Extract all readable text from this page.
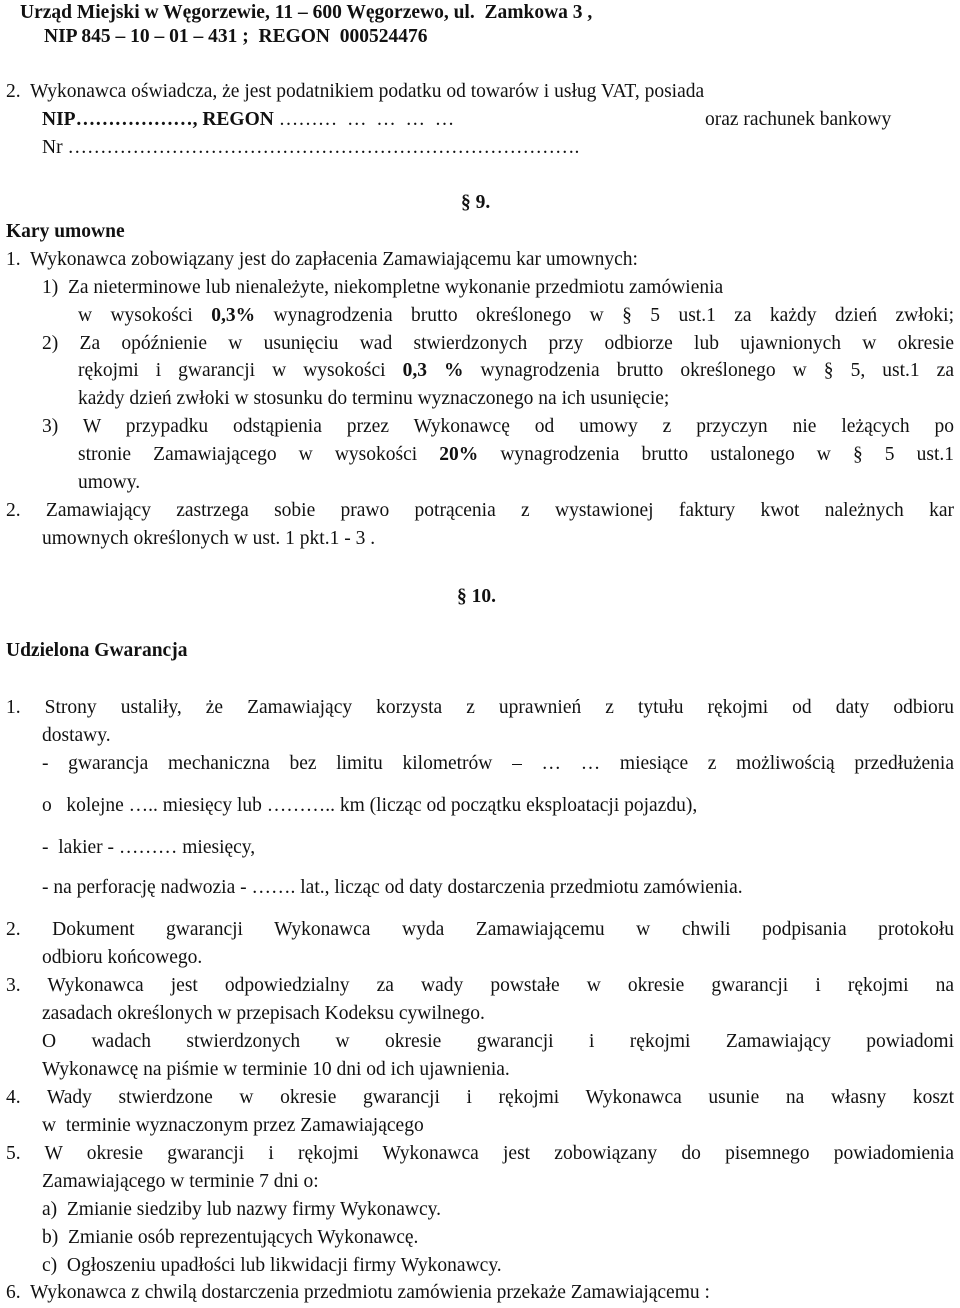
Urząd Miejski w Węgorzewie, 11 – 600 Węgorzewo, ul.  Zamkowa 3 ,
NIP 845 – 10 – 01 – 431 ;  REGON  000524476
2.  Wykonawca oświadcza, że jest podatnikiem podatku od towarów i usług VAT, posiada
NIP………………, REGON ………  …  …  …  …	oraz rachunek bankowy
Nr …………………………………………………………………….
§ 9.
Kary umowne
1.  Wykonawca zobowiązany jest do zapłacenia Zamawiającemu kar umownych:
1)  Za nieterminowe lub nienależyte, niekompletne wykonanie przedmiotu zamówienia
w wysokości 0,3% wynagrodzenia brutto określonego w § 5 ust.1 za każdy dzień zwłoki;
2) Za opóźnienie w usunięciu wad stwierdzonych przy odbiorze lub ujawnionych w okresie
rękojmi i gwarancji w wysokości 0,3 % wynagrodzenia brutto określonego w § 5, ust.1 za
każdy dzień zwłoki w stosunku do terminu wyznaczonego na ich usunięcie;
3) W przypadku odstąpienia przez Wykonawcę od umowy z przyczyn nie leżących po
stronie Zamawiającego w wysokości 20% wynagrodzenia brutto ustalonego w § 5 ust.1
umowy.
2. Zamawiający zastrzega sobie prawo potrącenia z wystawionej faktury kwot należnych kar
umownych określonych w ust. 1 pkt.1 - 3 .
§ 10.
Udzielona Gwarancja
1. Strony ustaliły, że Zamawiający korzysta z uprawnień z tytułu rękojmi od daty odbioru
dostawy.
- gwarancja mechaniczna bez limitu kilometrów – … … miesiące z możliwością przedłużenia
o   kolejne ….. miesięcy lub ……….. km (licząc od początku eksploatacji pojazdu),
-  lakier - ……… miesięcy,
- na perforację nadwozia - ……. lat., licząc od daty dostarczenia przedmiotu zamówienia.
2. Dokument gwarancji Wykonawca wyda Zamawiającemu w chwili podpisania protokołu
odbioru końcowego.
3. Wykonawca jest odpowiedzialny za wady powstałe w okresie gwarancji i rękojmi na
zasadach określonych w przepisach Kodeksu cywilnego.
O wadach stwierdzonych w okresie gwarancji i rękojmi Zamawiający powiadomi
Wykonawcę na piśmie w terminie 10 dni od ich ujawnienia.
4. Wady stwierdzone w okresie gwarancji i rękojmi Wykonawca usunie na własny koszt
w  terminie wyznaczonym przez Zamawiającego
5. W okresie gwarancji i rękojmi Wykonawca jest zobowiązany do pisemnego powiadomienia
Zamawiającego w terminie 7 dni o:
a)  Zmianie siedziby lub nazwy firmy Wykonawcy.
b)  Zmianie osób reprezentujących Wykonawcę.
c)  Ogłoszeniu upadłości lub likwidacji firmy Wykonawcy.
6.  Wykonawca z chwilą dostarczenia przedmiotu zamówienia przekaże Zamawiającemu :
